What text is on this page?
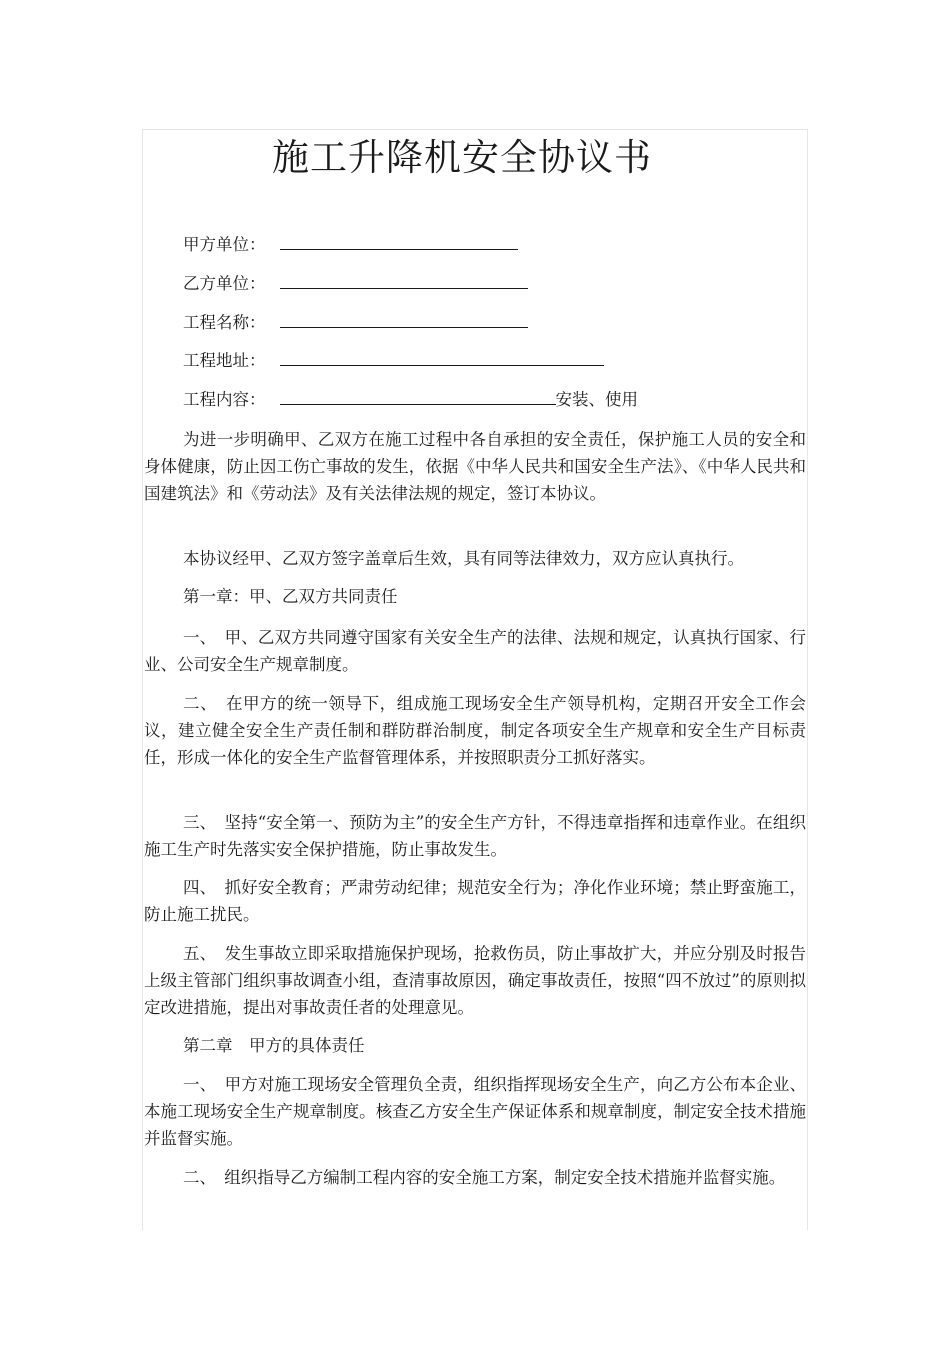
施工升降机安全协议书
甲方单位：
乙方单位：
工程名称：
工程地址：
工程内容：	安装、使用
为进一步明确甲、乙双方在施工过程中各自承担的安全责任，保护施工人员的安全和身体健康，防止因工伤亡事故的发生，依据《中华人民共和国安全生产法》、《中华人民共和国建筑法》和《劳动法》及有关法律法规的规定，签订本协议。
本协议经甲、乙双方签字盖章后生效，具有同等法律效力，双方应认真执行。
第一章：甲、乙双方共同责任
一、　甲、乙双方共同遵守国家有关安全生产的法律、法规和规定，认真执行国家、行业、公司安全生产规章制度。
二、　在甲方的统一领导下，组成施工现场安全生产领导机构，定期召开安全工作会议，建立健全安全生产责任制和群防群治制度，制定各项安全生产规章和安全生产目标责任，形成一体化的安全生产监督管理体系，并按照职责分工抓好落实。
三、　坚持“安全第一、预防为主”的安全生产方针，不得违章指挥和违章作业。在组织施工生产时先落实安全保护措施，防止事故发生。
四、　抓好安全教育；严肃劳动纪律；规范安全行为；净化作业环境；禁止野蛮施工，防止施工扰民。
五、　发生事故立即采取措施保护现场，抢救伤员，防止事故扩大，并应分别及时报告上级主管部门组织事故调查小组，查清事故原因，确定事故责任，按照“四不放过”的原则拟定改进措施，提出对事故责任者的处理意见。
第二章　甲方的具体责任
一、　甲方对施工现场安全管理负全责，组织指挥现场安全生产，向乙方公布本企业、本施工现场安全生产规章制度。核查乙方安全生产保证体系和规章制度，制定安全技术措施并监督实施。
二、　组织指导乙方编制工程内容的安全施工方案，制定安全技术措施并监督实施。
